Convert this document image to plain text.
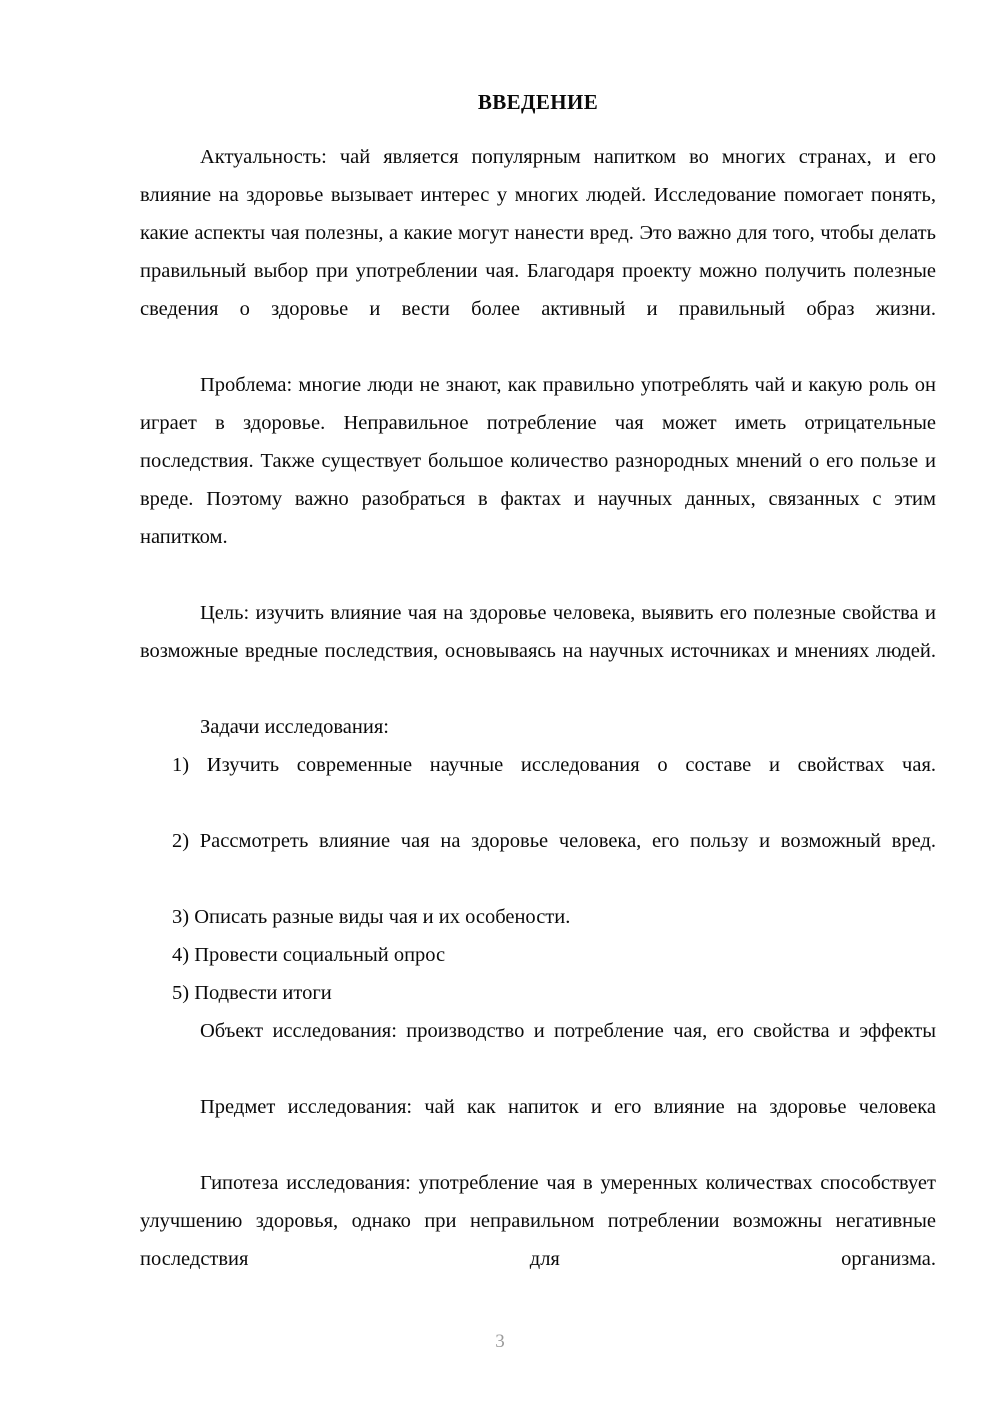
ВВЕДЕНИЕ

Актуальность: чай является популярным напитком во многих странах, и его влияние на здоровье вызывает интерес у многих людей. Исследование помогает понять, какие аспекты чая полезны, а какие могут нанести вред. Это важно для того, чтобы делать правильный выбор при употреблении чая. Благодаря проекту можно получить полезные сведения о здоровье и вести более активный и правильный образ жизни.

Проблема: многие люди не знают, как правильно употреблять чай и какую роль он играет в здоровье. Неправильное потребление чая может иметь отрицательные последствия. Также существует большое количество разнородных мнений о его пользе и вреде. Поэтому важно разобраться в фактах и научных данных, связанных с этим напитком.

Цель: изучить влияние чая на здоровье человека, выявить его полезные свойства и возможные вредные последствия, основываясь на научных источниках и мнениях людей.

Задачи исследования:

1) Изучить современные научные исследования о составе и свойствах чая.

2) Рассмотреть влияние чая на здоровье человека, его пользу и возможный вред.

3) Описать разные виды чая и их особености.

4) Провести социальный опрос

5) Подвести итоги

Объект исследования: производство и потребление чая, его свойства и эффекты

Предмет исследования: чай как напиток и его влияние на здоровье человека

Гипотеза исследования: употребление чая в умеренных количествах способствует улучшению здоровья, однако при неправильном потреблении возможны негативные последствия для организма.

3
